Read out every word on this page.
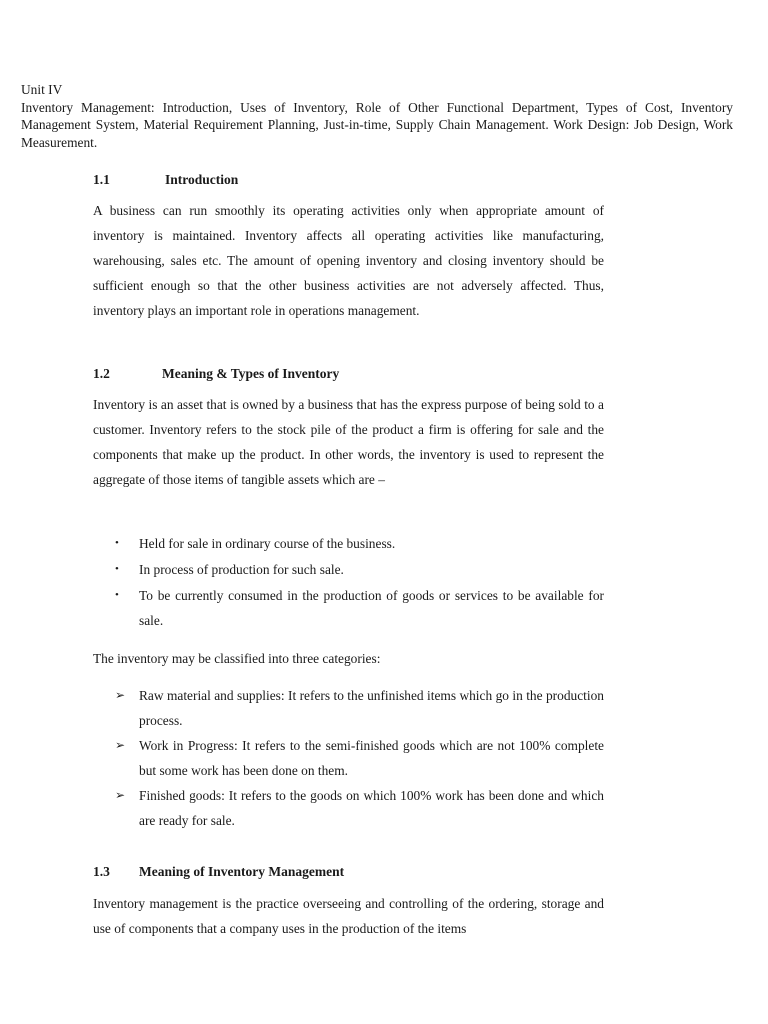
Unit IV

Inventory Management: Introduction, Uses of Inventory, Role of Other Functional Department, Types of Cost, Inventory Management System, Material Requirement Planning, Just-in-time, Supply Chain Management. Work Design: Job Design, Work Measurement.

1.1	Introduction

A business can run smoothly its operating activities only when appropriate amount of inventory is maintained. Inventory affects all operating activities like manufacturing, warehousing, sales etc. The amount of opening inventory and closing inventory should be sufficient enough so that the other business activities are not adversely affected. Thus, inventory plays an important role in operations management.

1.2	Meaning & Types of Inventory

Inventory is an asset that is owned by a business that has the express purpose of being sold to a customer. Inventory refers to the stock pile of the product a firm is offering for sale and the components that make up the product. In other words, the inventory is used to represent the aggregate of those items of tangible assets which are –

• Held for sale in ordinary course of the business.
• In process of production for such sale.
• To be currently consumed in the production of goods or services to be available for sale.

The inventory may be classified into three categories:

➢ Raw material and supplies: It refers to the unfinished items which go in the production process.
➢ Work in Progress: It refers to the semi-finished goods which are not 100% complete but some work has been done on them.
➢ Finished goods: It refers to the goods on which 100% work has been done and which are ready for sale.
1.3 Meaning of Inventory Management

Inventory management is the practice overseeing and controlling of the ordering, storage and use of components that a company uses in the production of the items
